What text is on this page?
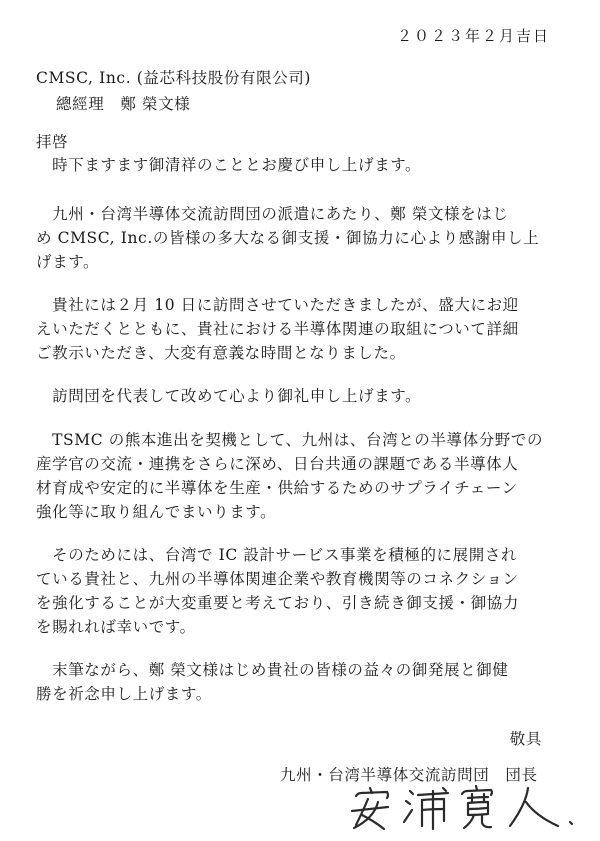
２０２３年２月吉日
CMSC, Inc. (益芯科技股份有限公司)
總經理　鄭 榮文様
拝啓
　時下ますます御清祥のこととお慶び申し上げます。
　九州・台湾半導体交流訪問団の派遣にあたり、鄭 榮文様をはじ
め CMSC, Inc.の皆様の多大なる御支援・御協力に心より感謝申し上
げます。
　貴社には２月 10 日に訪問させていただきましたが、盛大にお迎
えいただくとともに、貴社における半導体関連の取組について詳細
ご教示いただき、大変有意義な時間となりました。
　訪問団を代表して改めて心より御礼申し上げます。
　TSMC の熊本進出を契機として、九州は、台湾との半導体分野での
産学官の交流・連携をさらに深め、日台共通の課題である半導体人
材育成や安定的に半導体を生産・供給するためのサプライチェーン
強化等に取り組んでまいります。
　そのためには、台湾で IC 設計サービス事業を積極的に展開され
ている貴社と、九州の半導体関連企業や教育機関等のコネクション
を強化することが大変重要と考えており、引き続き御支援・御協力
を賜れれば幸いです。
　末筆ながら、鄭 榮文様はじめ貴社の皆様の益々の御発展と御健
勝を祈念申し上げます。
敬具
九州・台湾半導体交流訪問団　団長
